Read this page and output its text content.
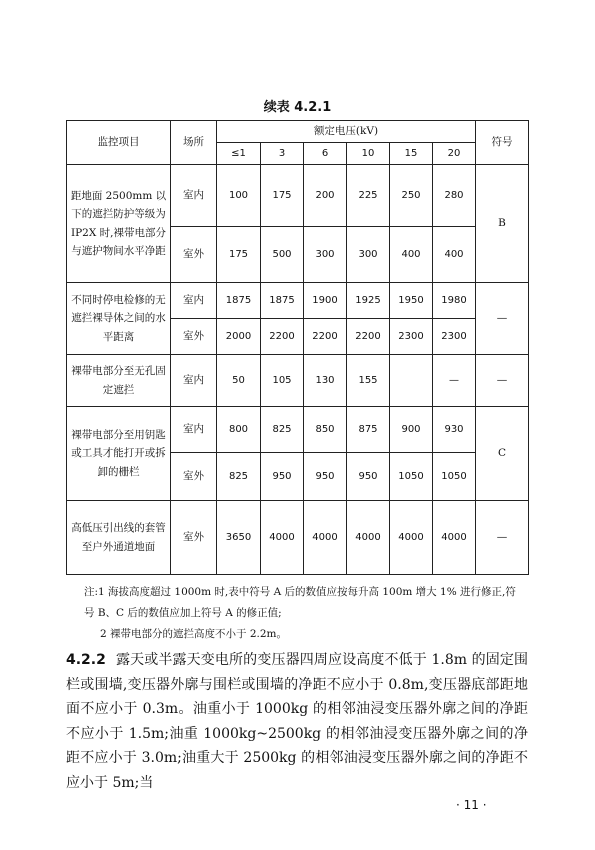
续表 4.2.1
监控项目	场所	额定电压(kV)						符号
		≤1	3	6	10	15	20	
距地面 2500mm 以下的遮拦防护等级为 IP2X 时,裸带电部分与遮护物间水平净距	室内	100	175	200	225	250	280	B
	室外	175	500	300	300	400	400	
不同时停电检修的无遮拦裸导体之间的水平距离	室内	1875	1875	1900	1925	1950	1980	—
	室外	2000	2200	2200	2200	2300	2300	
裸带电部分至无孔固定遮拦	室内	50	105	130	155		—	—
裸带电部分至用钥匙或工具才能打开或拆卸的栅栏	室内	800	825	850	875	900	930	C
	室外	825	950	950	950	1050	1050	
高低压引出线的套管至户外通道地面	室外	3650	4000	4000	4000	4000	4000	—
注:1 海拔高度超过 1000m 时,表中符号 A 后的数值应按每升高 100m 增大 1% 进行修正,符号 B、C 后的数值应加上符号 A 的修正值;
2 裸带电部分的遮拦高度不小于 2.2m。
4.2.2 露天或半露天变电所的变压器四周应设高度不低于 1.8m 的固定围栏或围墙,变压器外廓与围栏或围墙的净距不应小于 0.8m,变压器底部距地面不应小于 0.3m。油重小于 1000kg 的相邻油浸变压器外廓之间的净距不应小于 1.5m;油重 1000kg~2500kg 的相邻油浸变压器外廓之间的净距不应小于 3.0m;油重大于 2500kg 的相邻油浸变压器外廓之间的净距不应小于 5m;当
· 11 ·
